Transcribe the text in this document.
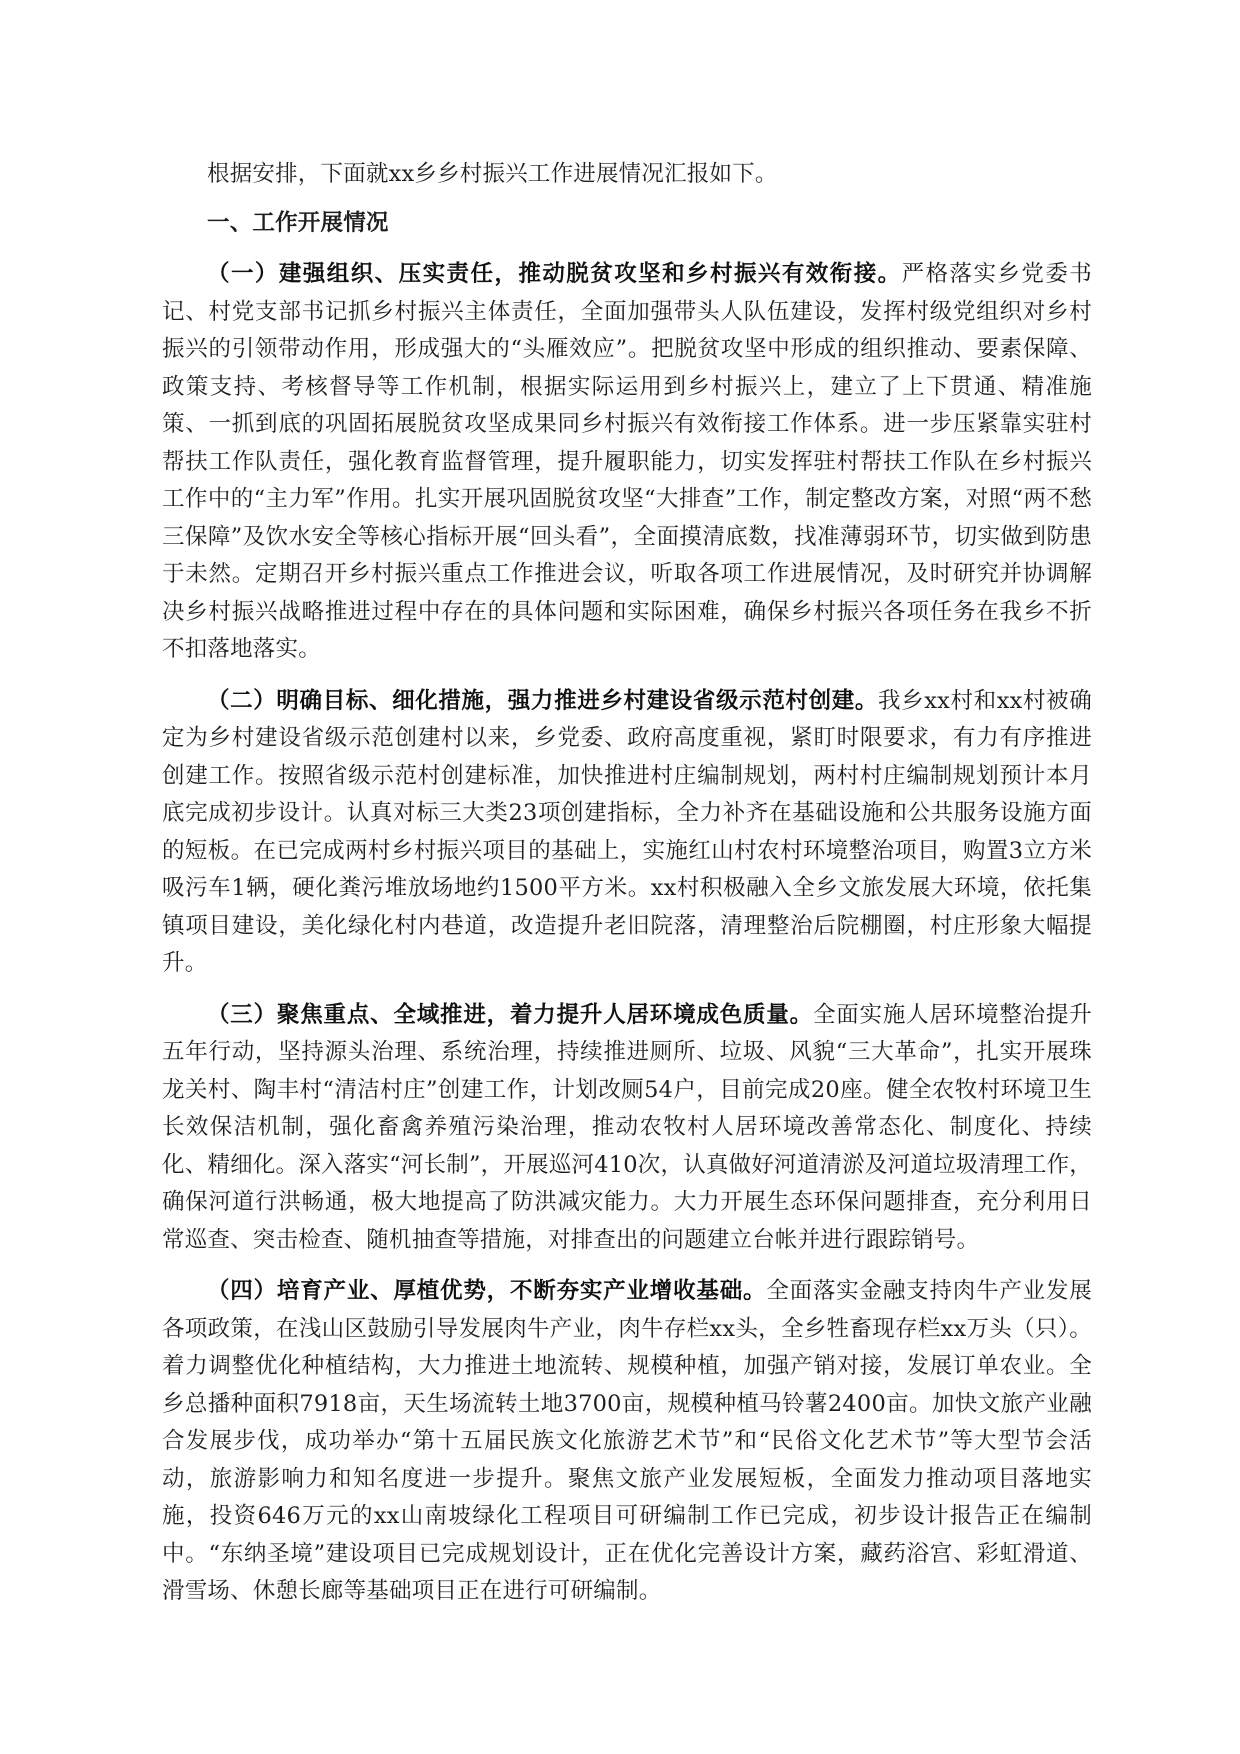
根据安排，下面就xx乡乡村振兴工作进展情况汇报如下。

一、工作开展情况

（一）建强组织、压实责任，推动脱贫攻坚和乡村振兴有效衔接。严格落实乡党委书记、村党支部书记抓乡村振兴主体责任，全面加强带头人队伍建设，发挥村级党组织对乡村振兴的引领带动作用，形成强大的“头雁效应”。把脱贫攻坚中形成的组织推动、要素保障、政策支持、考核督导等工作机制，根据实际运用到乡村振兴上，建立了上下贯通、精准施策、一抓到底的巩固拓展脱贫攻坚成果同乡村振兴有效衔接工作体系。进一步压紧靠实驻村帮扶工作队责任，强化教育监督管理，提升履职能力，切实发挥驻村帮扶工作队在乡村振兴工作中的“主力军”作用。扎实开展巩固脱贫攻坚“大排查”工作，制定整改方案，对照“两不愁三保障”及饮水安全等核心指标开展“回头看”，全面摸清底数，找准薄弱环节，切实做到防患于未然。定期召开乡村振兴重点工作推进会议，听取各项工作进展情况，及时研究并协调解决乡村振兴战略推进过程中存在的具体问题和实际困难，确保乡村振兴各项任务在我乡不折不扣落地落实。

（二）明确目标、细化措施，强力推进乡村建设省级示范村创建。我乡xx村和xx村被确定为乡村建设省级示范创建村以来，乡党委、政府高度重视，紧盯时限要求，有力有序推进创建工作。按照省级示范村创建标准，加快推进村庄编制规划，两村村庄编制规划预计本月底完成初步设计。认真对标三大类23项创建指标，全力补齐在基础设施和公共服务设施方面的短板。在已完成两村乡村振兴项目的基础上，实施红山村农村环境整治项目，购置3立方米吸污车1辆，硬化粪污堆放场地约1500平方米。xx村积极融入全乡文旅发展大环境，依托集镇项目建设，美化绿化村内巷道，改造提升老旧院落，清理整治后院棚圈，村庄形象大幅提升。

（三）聚焦重点、全域推进，着力提升人居环境成色质量。全面实施人居环境整治提升五年行动，坚持源头治理、系统治理，持续推进厕所、垃圾、风貌“三大革命”，扎实开展珠龙关村、陶丰村“清洁村庄”创建工作，计划改厕54户，目前完成20座。健全农牧村环境卫生长效保洁机制，强化畜禽养殖污染治理，推动农牧村人居环境改善常态化、制度化、持续化、精细化。深入落实“河长制”，开展巡河410次，认真做好河道清淤及河道垃圾清理工作，确保河道行洪畅通，极大地提高了防洪减灾能力。大力开展生态环保问题排查，充分利用日常巡查、突击检查、随机抽查等措施，对排查出的问题建立台帐并进行跟踪销号。

（四）培育产业、厚植优势，不断夯实产业增收基础。全面落实金融支持肉牛产业发展各项政策，在浅山区鼓励引导发展肉牛产业，肉牛存栏xx头，全乡牲畜现存栏xx万头（只）。着力调整优化种植结构，大力推进土地流转、规模种植，加强产销对接，发展订单农业。全乡总播种面积7918亩，天生场流转土地3700亩，规模种植马铃薯2400亩。加快文旅产业融合发展步伐，成功举办“第十五届民族文化旅游艺术节”和“民俗文化艺术节”等大型节会活动，旅游影响力和知名度进一步提升。聚焦文旅产业发展短板，全面发力推动项目落地实施，投资646万元的xx山南坡绿化工程项目可研编制工作已完成，初步设计报告正在编制中。“东纳圣境”建设项目已完成规划设计，正在优化完善设计方案，藏药浴宫、彩虹滑道、滑雪场、休憩长廊等基础项目正在进行可研编制。
